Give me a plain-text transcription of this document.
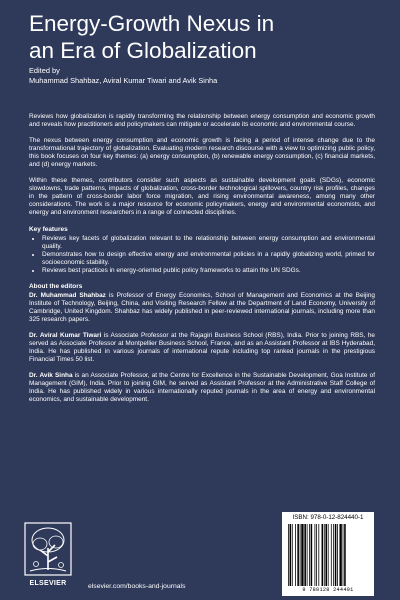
Energy-Growth Nexus in
an Era of Globalization
Edited by
Muhammad Shahbaz, Aviral Kumar Tiwari and Avik Sinha

Reviews how globalization is rapidly transforming the relationship between energy consumption and economic growth and reveals how practitioners and policymakers can mitigate or accelerate its economic and environmental course.

The nexus between energy consumption and economic growth is facing a period of intense change due to the transformational trajectory of globalization. Evaluating modern research discourse with a view to optimizing public policy, this book focuses on four key themes: (a) energy consumption, (b) renewable energy consumption, (c) financial markets, and (d) energy markets.

Within these themes, contributors consider such aspects as sustainable development goals (SDGs), economic slowdowns, trade patterns, impacts of globalization, cross-border technological spillovers, country risk profiles, changes in the pattern of cross-border labor force migration, and rising environmental awareness, among many other considerations. The work is a major resource for economic policymakers, energy and environmental economists, and energy and environment researchers in a range of connected disciplines.

Key features
• Reviews key facets of globalization relevant to the relationship between energy consumption and environmental quality.
• Demonstrates how to design effective energy and environmental policies in a rapidly globalizing world, primed for socioeconomic stability.
• Reviews best practices in energy-oriented public policy frameworks to attain the UN SDGs.
About the editors

Dr. Muhammad Shahbaz is Professor of Energy Economics, School of Management and Economics at the Beijing Institute of Technology, Beijing, China, and Visiting Research Fellow at the Department of Land Economy, University of Cambridge, United Kingdom. Shahbaz has widely published in peer-reviewed international journals, including more than 325 research papers.

Dr. Aviral Kumar Tiwari is Associate Professor at the Rajagiri Business School (RBS), India. Prior to joining RBS, he served as Associate Professor at Montpellier Business School, France, and as an Assistant Professor at IBS Hyderabad, India. He has published in various journals of international repute including top ranked journals in the prestigious Financial Times 50 list.

Dr. Avik Sinha is an Associate Professor, at the Centre for Excellence in the Sustainable Development, Goa Institute of Management (GIM), India. Prior to joining GIM, he served as Assistant Professor at the Administrative Staff College of India. He has published widely in various internationally reputed journals in the area of energy and environmental economics, and sustainable development.

ELSEVIER	elsevier.com/books-and-journals
ISBN: 978-0-12-824440-1
9 780128 244401
